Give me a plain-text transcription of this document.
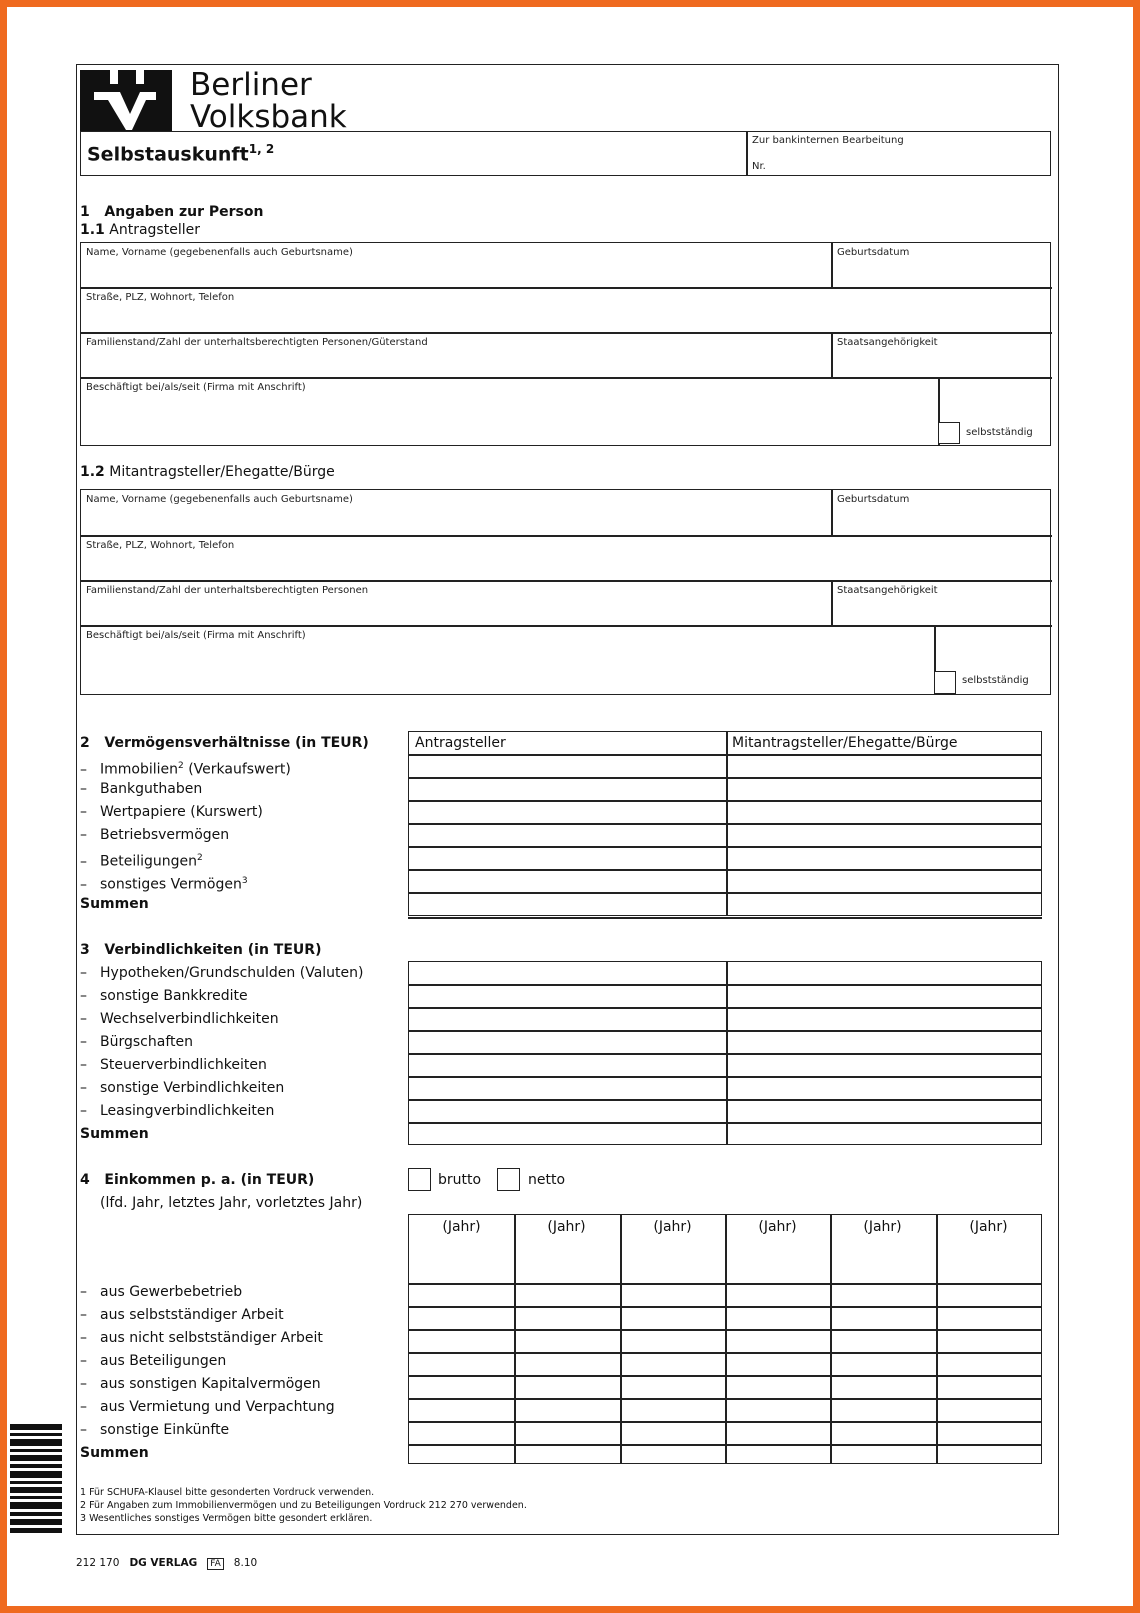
Berliner
Volksbank
Selbstauskunft$^{1, 2}$
Zur bankinternen Bearbeitung
Nr.
1 Angaben zur Person
1.1 Antragsteller
Name, Vorname (gegebenenfalls auch Geburtsname)	Geburtsdatum
Straße, PLZ, Wohnort, Telefon
Familienstand/Zahl der unterhaltsberechtigten Personen/Güterstand	Staatsangehörigkeit
Beschäftigt bei/als/seit (Firma mit Anschrift)
selbstständig
1.2 Mitantragsteller/Ehegatte/Bürge
Name, Vorname (gegebenenfalls auch Geburtsname)	Geburtsdatum
Straße, PLZ, Wohnort, Telefon
Familienstand/Zahl der unterhaltsberechtigten Personen	Staatsangehörigkeit
Beschäftigt bei/als/seit (Firma mit Anschrift)
selbstständig
2 Vermögensverhältnisse (in TEUR)
– Immobilien$^2$ (Verkaufswert)
– Bankguthaben
– Wertpapiere (Kurswert)
– Betriebsvermögen
– Beteiligungen$^2$
– sonstiges Vermögen$^3$
Summen
Antragsteller	Mitantragsteller/Ehegatte/Bürge
3 Verbindlichkeiten (in TEUR)
– Hypotheken/Grundschulden (Valuten)
– sonstige Bankkredite
– Wechselverbindlichkeiten
– Bürgschaften
– Steuerverbindlichkeiten
– sonstige Verbindlichkeiten
– Leasingverbindlichkeiten
Summen
4 Einkommen p. a. (in TEUR)
(lfd. Jahr, letztes Jahr, vorletztes Jahr)
brutto	netto
– aus Gewerbebetrieb
– aus selbstständiger Arbeit
– aus nicht selbstständiger Arbeit
– aus Beteiligungen
– aus sonstigen Kapitalvermögen
– aus Vermietung und Verpachtung
– sonstige Einkünfte
Summen
(Jahr)	(Jahr)	(Jahr)	(Jahr)	(Jahr)	(Jahr)
1 Für SCHUFA-Klausel bitte gesonderten Vordruck verwenden.
2 Für Angaben zum Immobilienvermögen und zu Beteiligungen Vordruck 212 270 verwenden.
3 Wesentliches sonstiges Vermögen bitte gesondert erklären.
212 170 DG VERLAG FA 8.10
